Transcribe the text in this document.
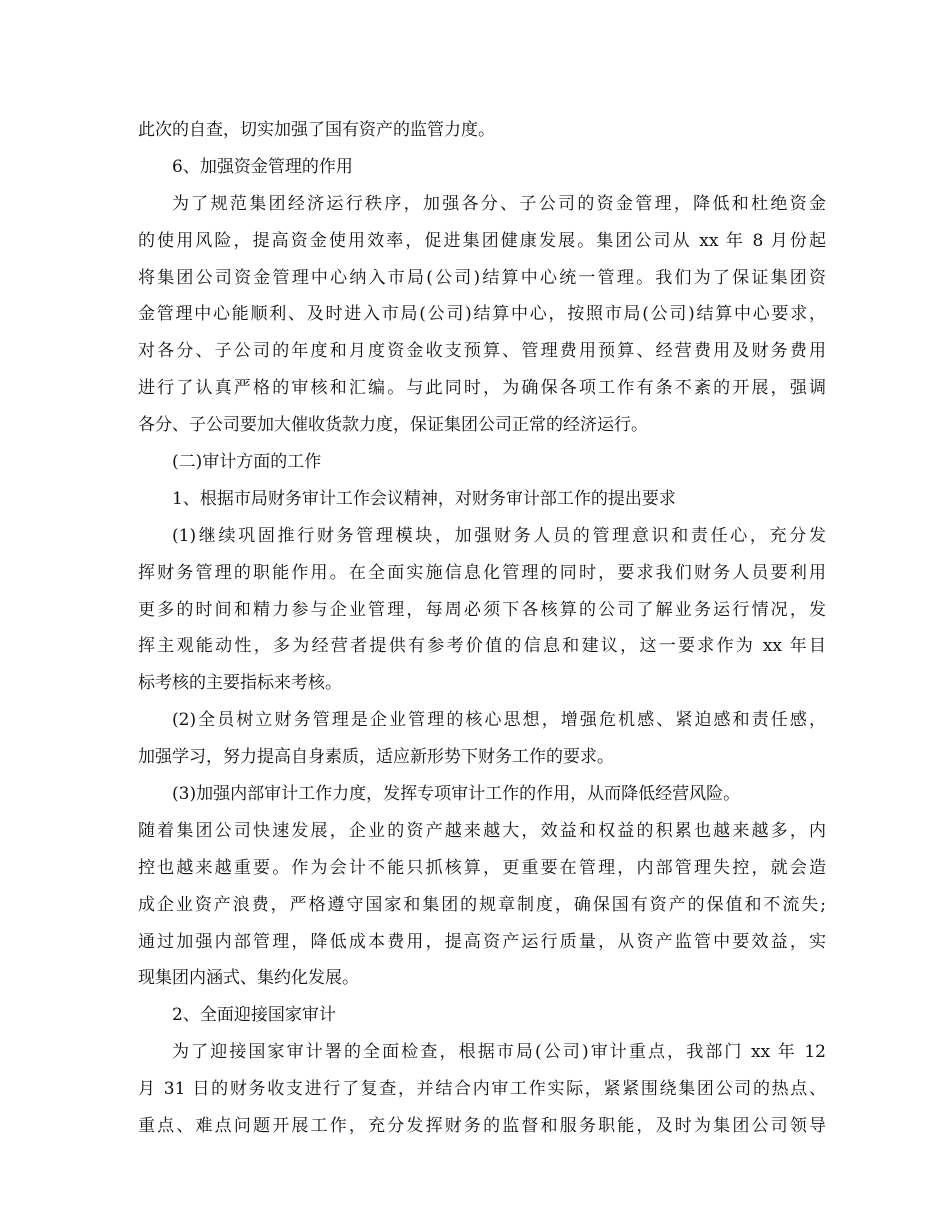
此次的自查，切实加强了国有资产的监管力度。
6、加强资金管理的作用
为了规范集团经济运行秩序，加强各分、子公司的资金管理，降低和杜绝资金
的使用风险，提高资金使用效率，促进集团健康发展。集团公司从 xx 年 8 月份起
将集团公司资金管理中心纳入市局(公司)结算中心统一管理。我们为了保证集团资
金管理中心能顺利、及时进入市局(公司)结算中心，按照市局(公司)结算中心要求，
对各分、子公司的年度和月度资金收支预算、管理费用预算、经营费用及财务费用
进行了认真严格的审核和汇编。与此同时，为确保各项工作有条不紊的开展，强调
各分、子公司要加大催收货款力度，保证集团公司正常的经济运行。
(二)审计方面的工作
1、根据市局财务审计工作会议精神，对财务审计部工作的提出要求
(1)继续巩固推行财务管理模块，加强财务人员的管理意识和责任心，充分发
挥财务管理的职能作用。在全面实施信息化管理的同时，要求我们财务人员要利用
更多的时间和精力参与企业管理，每周必须下各核算的公司了解业务运行情况，发
挥主观能动性，多为经营者提供有参考价值的信息和建议，这一要求作为 xx 年目
标考核的主要指标来考核。
(2)全员树立财务管理是企业管理的核心思想，增强危机感、紧迫感和责任感，
加强学习，努力提高自身素质，适应新形势下财务工作的要求。
(3)加强内部审计工作力度，发挥专项审计工作的作用，从而降低经营风险。
随着集团公司快速发展，企业的资产越来越大，效益和权益的积累也越来越多，内
控也越来越重要。作为会计不能只抓核算，更重要在管理，内部管理失控，就会造
成企业资产浪费，严格遵守国家和集团的规章制度，确保国有资产的保值和不流失;
通过加强内部管理，降低成本费用，提高资产运行质量，从资产监管中要效益，实
现集团内涵式、集约化发展。
2、全面迎接国家审计
为了迎接国家审计署的全面检查，根据市局(公司)审计重点，我部门 xx 年 12
月 31 日的财务收支进行了复查，并结合内审工作实际，紧紧围绕集团公司的热点、
重点、难点问题开展工作，充分发挥财务的监督和服务职能，及时为集团公司领导
